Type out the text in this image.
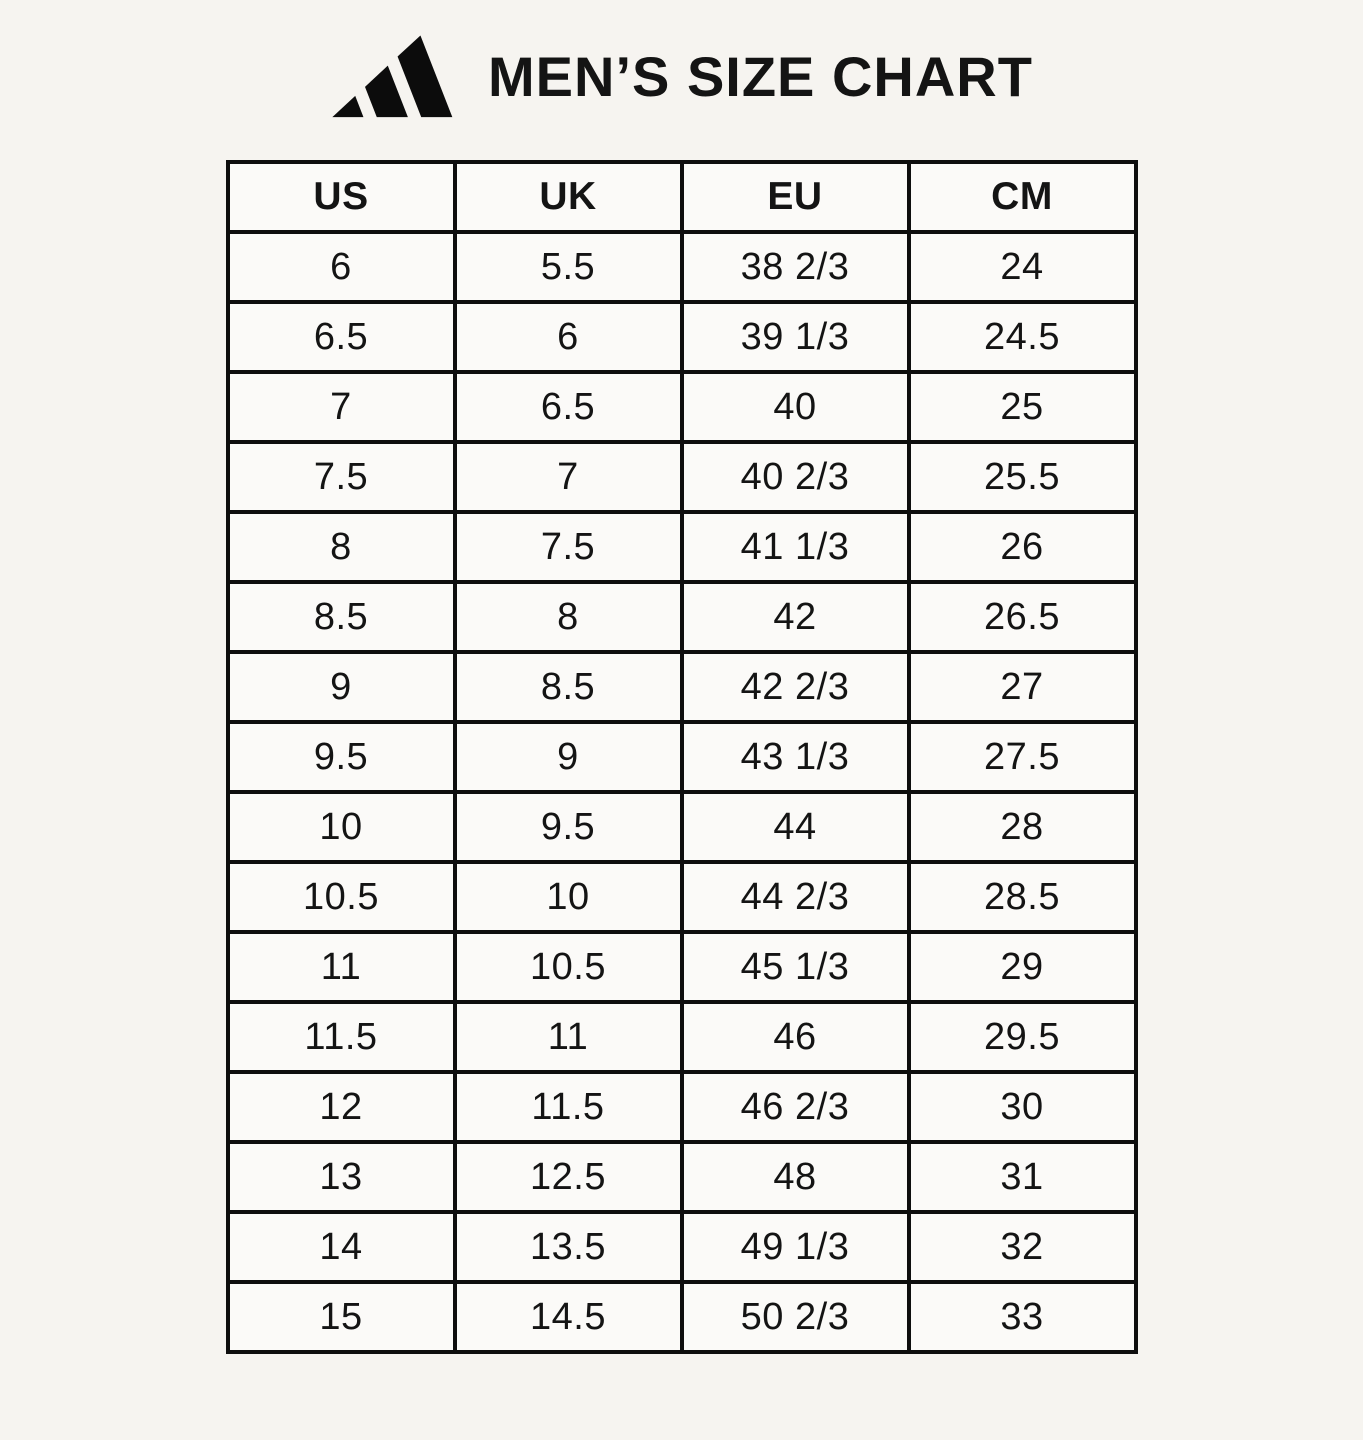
MEN’S SIZE CHART
US	UK	EU	CM
6	5.5	38 2/3	24
6.5	6	39 1/3	24.5
7	6.5	40	25
7.5	7	40 2/3	25.5
8	7.5	41 1/3	26
8.5	8	42	26.5
9	8.5	42 2/3	27
9.5	9	43 1/3	27.5
10	9.5	44	28
10.5	10	44 2/3	28.5
11	10.5	45 1/3	29
11.5	11	46	29.5
12	11.5	46 2/3	30
13	12.5	48	31
14	13.5	49 1/3	32
15	14.5	50 2/3	33
